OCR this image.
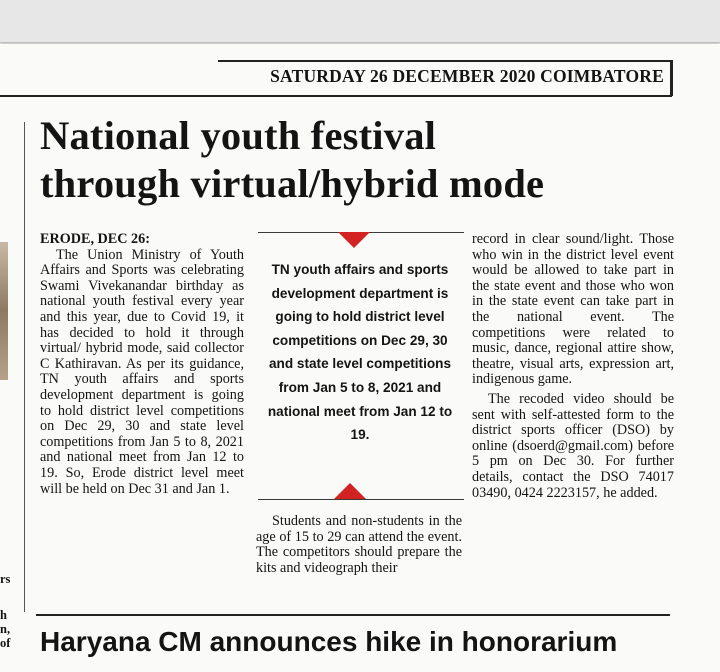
SATURDAY 26 DECEMBER 2020 COIMBATORE
rs
h
n,
of
National youth festival
through virtual/hybrid mode

ERODE, DEC 26:

The Union Ministry of Youth Affairs and Sports was celebrating Swami Vivekanandar birthday as national youth festival every year and this year, due to Covid 19, it has decided to hold it through virtual/ hybrid mode, said collector C Kathiravan. As per its guidance, TN youth affairs and sports development department is going to hold district level competitions on Dec 29, 30 and state level competitions from Jan 5 to 8, 2021 and national meet from Jan 12 to 19. So, Erode district level meet will be held on Dec 31 and Jan 1.

TN youth affairs and sports development department is going to hold district level competitions on Dec 29, 30 and state level competitions from Jan 5 to 8, 2021 and national meet from Jan 12 to 19.

Students and non-students in the age of 15 to 29 can attend the event. The competitors should prepare the kits and videograph their

record in clear sound/light. Those who win in the district level event would be allowed to take part in the state event and those who won in the state event can take part in the national event. The competitions were related to music, dance, regional attire show, theatre, visual arts, expression art, indigenous game.

The recoded video should be sent with self-attested form to the district sports officer (DSO) by online (dsoerd@gmail.com) before 5 pm on Dec 30. For further details, contact the DSO 74017 03490, 0424 2223157, he added.

Haryana CM announces hike in honorarium
